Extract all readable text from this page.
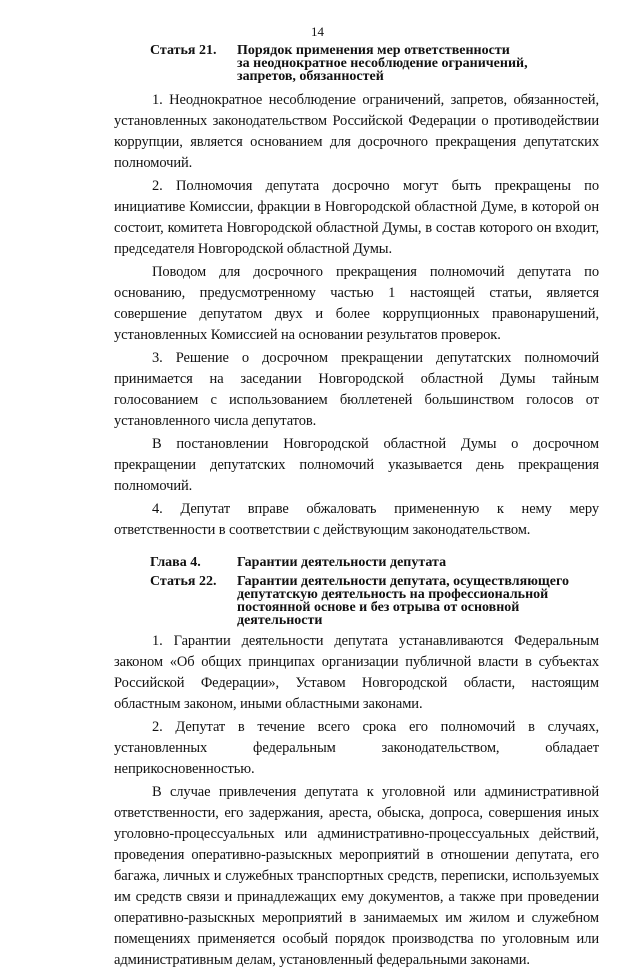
14
Статья 21.	Порядок применения мер ответственности
за неоднократное несоблюдение ограничений,
запретов, обязанностей

1. Неоднократное несоблюдение ограничений, запретов, обязанностей, установленных законодательством Российской Федерации о противодействии коррупции, является основанием для досрочного прекращения депутатских полномочий.

2. Полномочия депутата досрочно могут быть прекращены по инициативе Комиссии, фракции в Новгородской областной Думе, в которой он состоит, комитета Новгородской областной Думы, в состав которого он входит, председателя Новгородской областной Думы.

Поводом для досрочного прекращения полномочий депутата по основанию, предусмотренному частью 1 настоящей статьи, является совершение депутатом двух и более коррупционных правонарушений, установленных Комиссией на основании результатов проверок.

3. Решение о досрочном прекращении депутатских полномочий принимается на заседании Новгородской областной Думы тайным голосованием с использованием бюллетеней большинством голосов от установленного числа депутатов.

В постановлении Новгородской областной Думы о досрочном прекращении депутатских полномочий указывается день прекращения полномочий.

4. Депутат вправе обжаловать примененную к нему меру ответственности в соответствии с действующим законодательством.

Глава 4.	Гарантии деятельности депутата
Статья 22.	Гарантии деятельности депутата, осуществляющего
депутатскую деятельность на профессиональной
постоянной основе и без отрыва от основной
деятельности

1. Гарантии деятельности депутата устанавливаются Федеральным законом «Об общих принципах организации публичной власти в субъектах Российской Федерации», Уставом Новгородской области, настоящим областным законом, иными областными законами.

2. Депутат в течение всего срока его полномочий в случаях, установленных федеральным законодательством, обладает неприкосновенностью.

В случае привлечения депутата к уголовной или административной ответственности, его задержания, ареста, обыска, допроса, совершения иных уголовно-процессуальных или административно-процессуальных действий, проведения оперативно-разыскных мероприятий в отношении депутата, его багажа, личных и служебных транспортных средств, переписки, используемых им средств связи и принадлежащих ему документов, а также при проведении оперативно-разыскных мероприятий в занимаемых им жилом и служебном помещениях применяется особый порядок производства по уголовным или административным делам, установленный федеральными законами.
